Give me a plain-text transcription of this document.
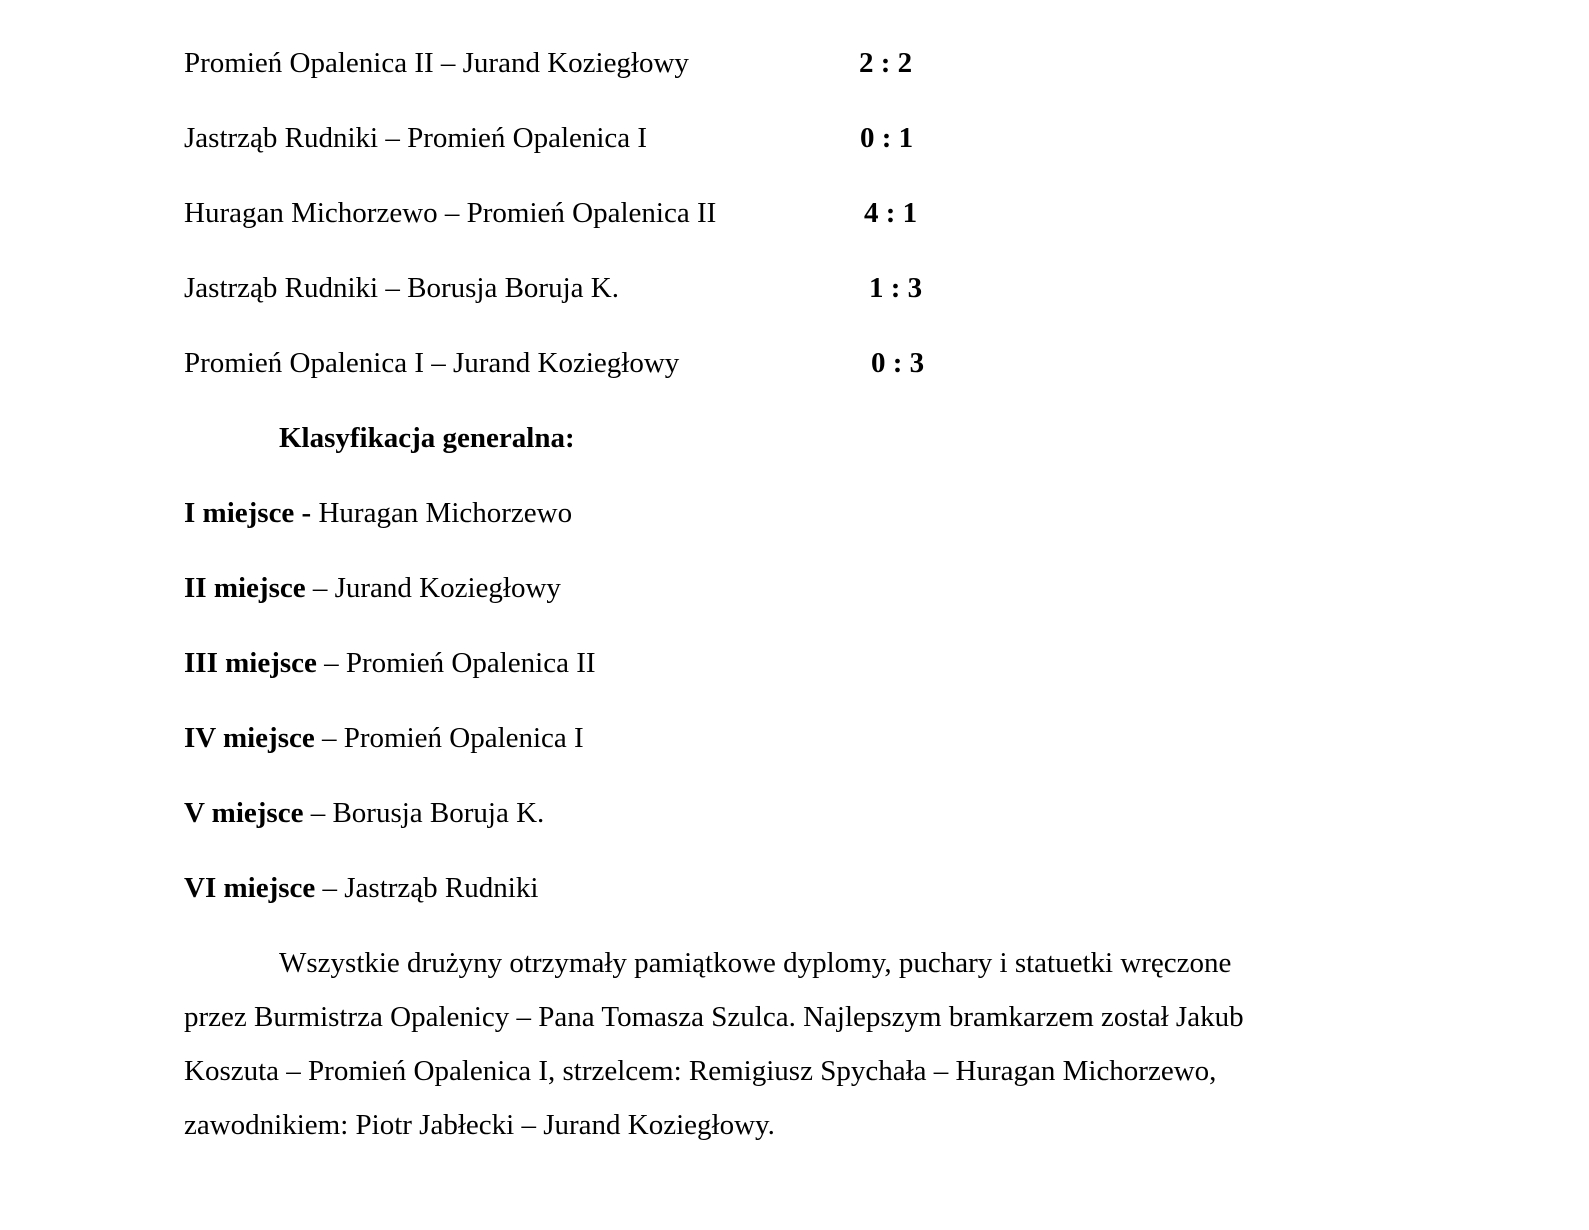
Promień Opalenica II – Jurand Koziegłowy	2 : 2
Jastrząb Rudniki – Promień Opalenica I	0 : 1
Huragan Michorzewo – Promień Opalenica II	4 : 1
Jastrząb Rudniki – Borusja Boruja K.	1 : 3
Promień Opalenica I – Jurand Koziegłowy	0 : 3
Klasyfikacja generalna:
I miejsce - Huragan Michorzewo
II miejsce – Jurand Koziegłowy
III miejsce – Promień Opalenica II
IV miejsce – Promień Opalenica I
V miejsce – Borusja Boruja K.
VI miejsce – Jastrząb Rudniki
Wszystkie drużyny otrzymały pamiątkowe dyplomy, puchary i statuetki wręczone
przez Burmistrza Opalenicy – Pana Tomasza Szulca. Najlepszym bramkarzem został Jakub
Koszuta – Promień Opalenica I, strzelcem: Remigiusz Spychała – Huragan Michorzewo,
zawodnikiem: Piotr Jabłecki – Jurand Koziegłowy.
